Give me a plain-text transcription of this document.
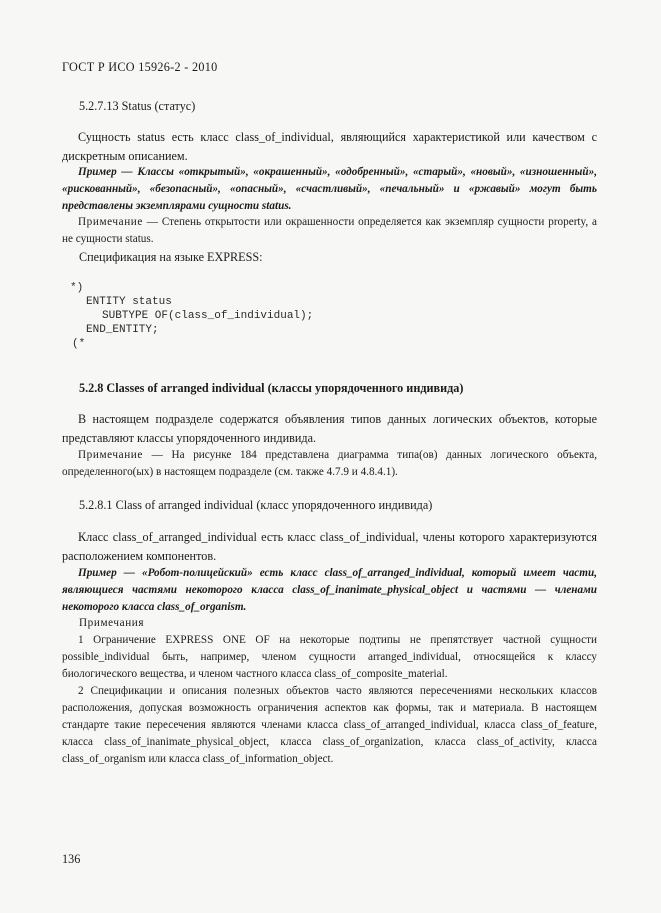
ГОСТ Р ИСО 15926-2 - 2010
5.2.7.13 Status (статус)

Сущность status есть класс class_of_individual, являющийся характеристикой или качеством с дискретным описанием.

Пример — Классы «открытый», «окрашенный», «одобренный», «старый», «новый», «изношенный», «рискованный», «безопасный», «опасный», «счастливый», «печальный» и «ржавый» могут быть представлены экземплярами сущности status.

Примечание — Степень открытости или окрашенности определяется как экземпляр сущности property, а не сущности status.

Спецификация на языке EXPRESS:
*)
ENTITY status
SUBTYPE OF(class_of_individual);
END_ENTITY;
(*
5.2.8 Classes of arranged individual (классы упорядоченного индивида)

В настоящем подразделе содержатся объявления типов данных логических объектов, которые представляют классы упорядоченного индивида.

Примечание — На рисунке 184 представлена диаграмма типа(ов) данных логического объекта, определенного(ых) в настоящем подразделе (см. также 4.7.9 и 4.8.4.1).

5.2.8.1 Class of arranged individual (класс упорядоченного индивида)

Класс class_of_arranged_individual есть класс class_of_individual, члены которого характеризуются расположением компонентов.

Пример — «Робот-полицейский» есть класс class_of_arranged_individual, который имеет части, являющиеся частями некоторого класса class_of_inanimate_physical_object и частями — членами некоторого класса class_of_organism.

Примечания

1 Ограничение EXPRESS ONE OF на некоторые подтипы не препятствует частной сущности possible_individual быть, например, членом сущности arranged_individual, относящейся к классу биологического вещества, и членом частного класса class_of_composite_material.

2 Спецификации и описания полезных объектов часто являются пересечениями нескольких классов расположения, допуская возможность ограничения аспектов как формы, так и материала. В настоящем стандарте такие пересечения являются членами класса class_of_arranged_individual, класса class_of_feature, класса class_of_inanimate_physical_object, класса class_of_organization, класса class_of_activity, класса class_of_organism или класса class_of_information_object.

136
